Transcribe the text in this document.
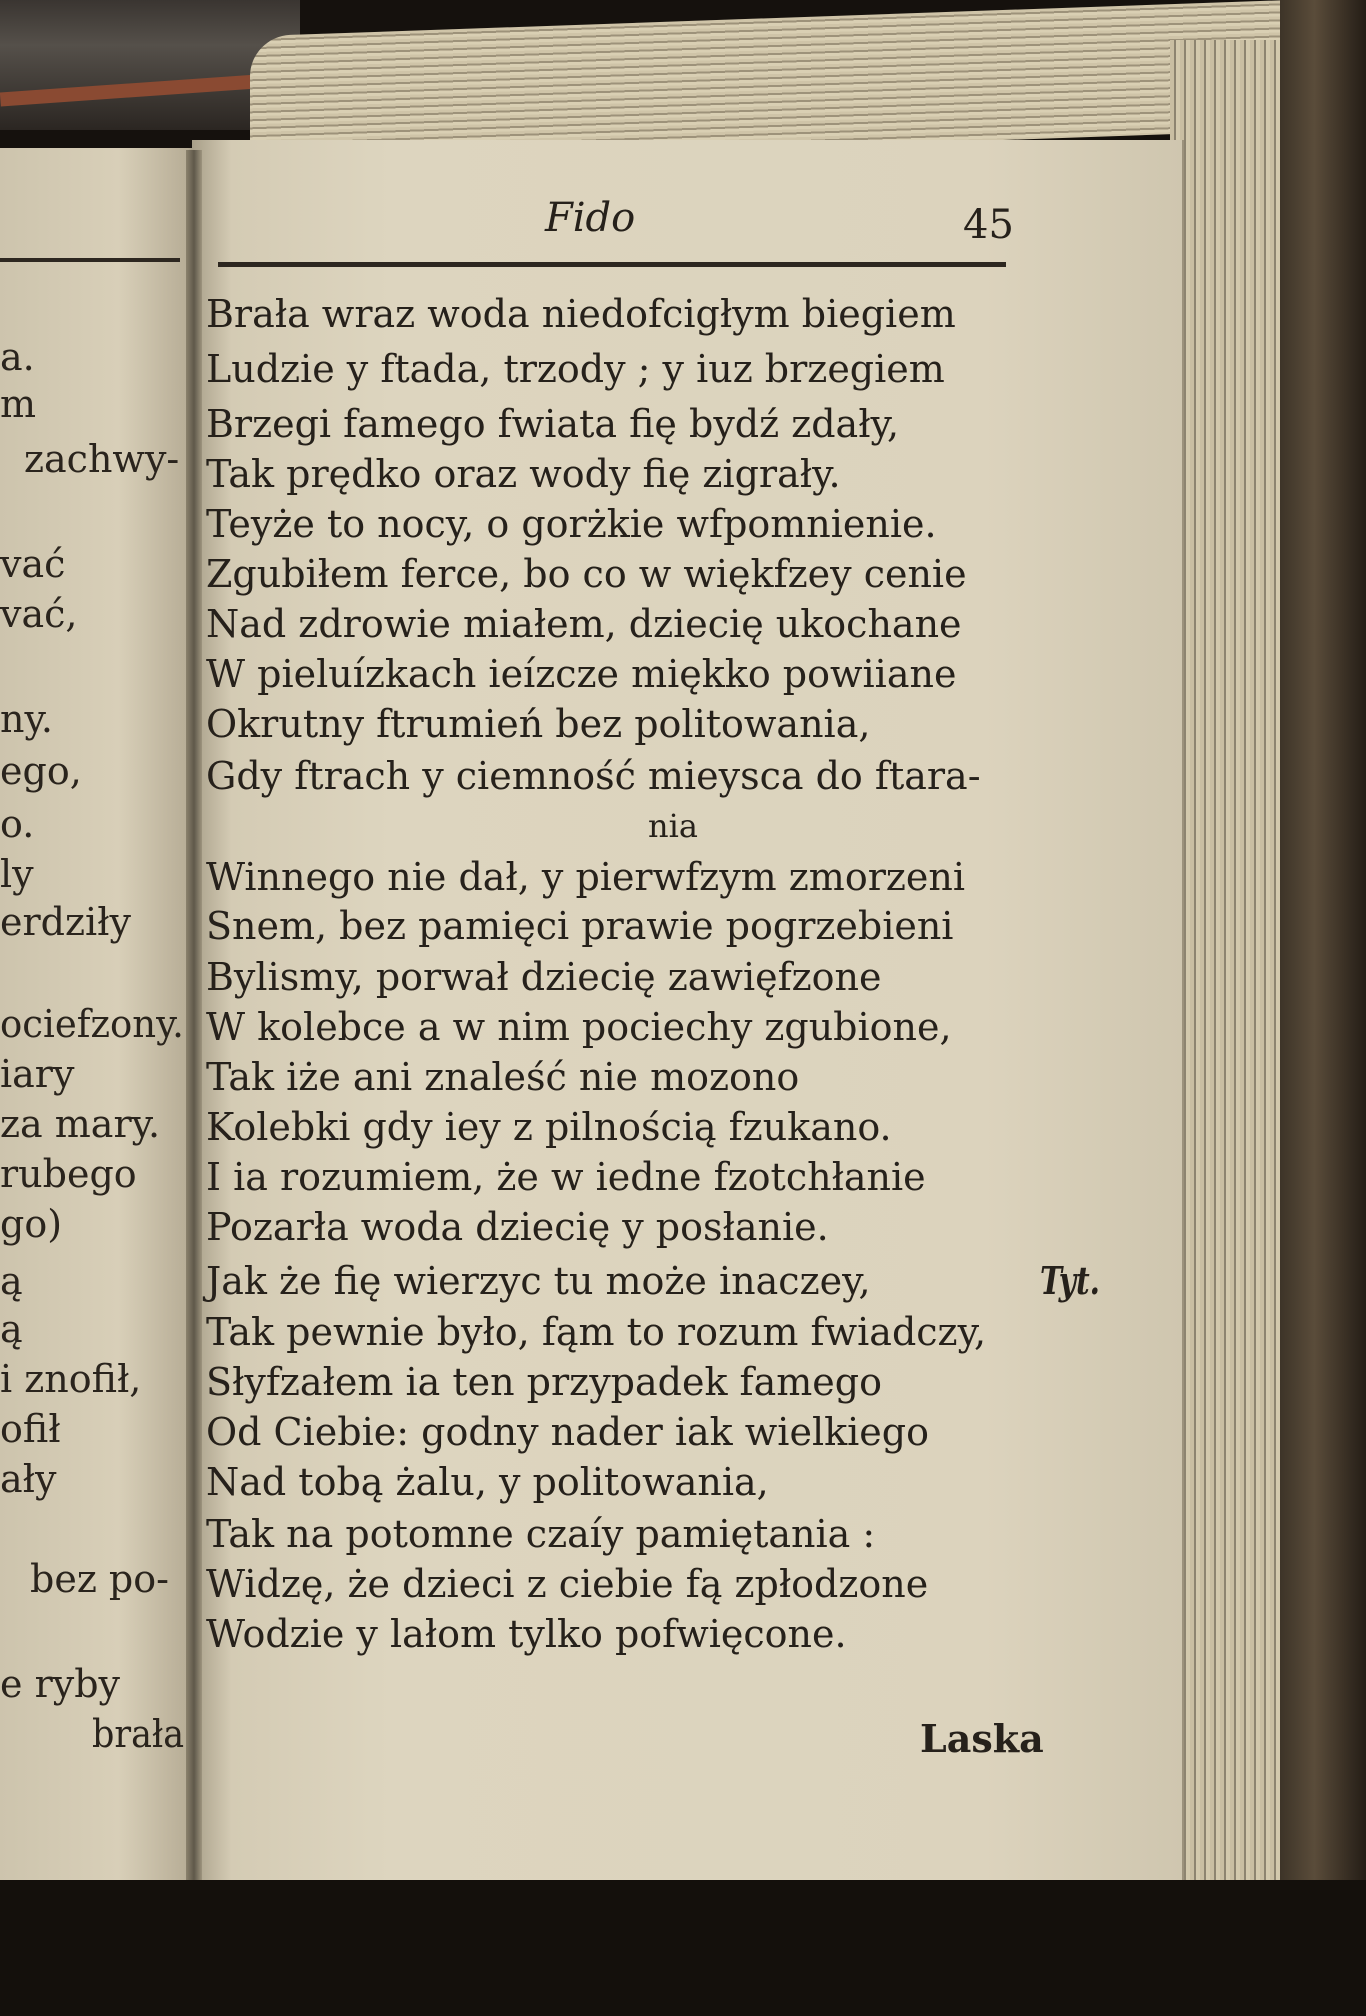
a.
m
zachwy-
vać
vać,
ny.
ego,
o.
ly
erdziły
ociefzony.
iary
za mary.
rubego
go)
ą
ą
i znofił,
ofił
ały
bez po-
e ryby
brała
Fido	45
Brała wraz woda niedofcigłym biegiem
Ludzie y ftada, trzody ; y iuz brzegiem
Brzegi famego fwiata fię bydź zdały,
Tak prędko oraz wody fię zigrały.
Teyże to nocy, o gorżkie wfpomnienie.
Zgubiłem ferce, bo co w więkfzey cenie
Nad zdrowie miałem, dziecię ukochane
W pieluízkach ieízcze miękko powiiane
Okrutny ftrumień bez politowania,
Gdy ftrach y ciemność mieysca do ftara-
nia
Winnego nie dał, y pierwfzym zmorzeni
Snem, bez pamięci prawie pogrzebieni
Bylismy, porwał dziecię zawięfzone
W kolebce a w nim pociechy zgubione,
Tak iże ani znaleść nie mozono
Kolebki gdy iey z pilnością fzukano.
I ia rozumiem, że w iedne fzotchłanie
Pozarła woda dziecię y posłanie.
Jak że fię wierzyc tu może inaczey,	Tyt.
Tak pewnie było, fąm to rozum fwiadczy,
Słyfzałem ia ten przypadek famego
Od Ciebie: godny nader iak wielkiego
Nad tobą żalu, y politowania,
Tak na potomne czaíy pamiętania :
Widzę, że dzieci z ciebie fą zpłodzone
Wodzie y lałom tylko pofwięcone.
Laska
